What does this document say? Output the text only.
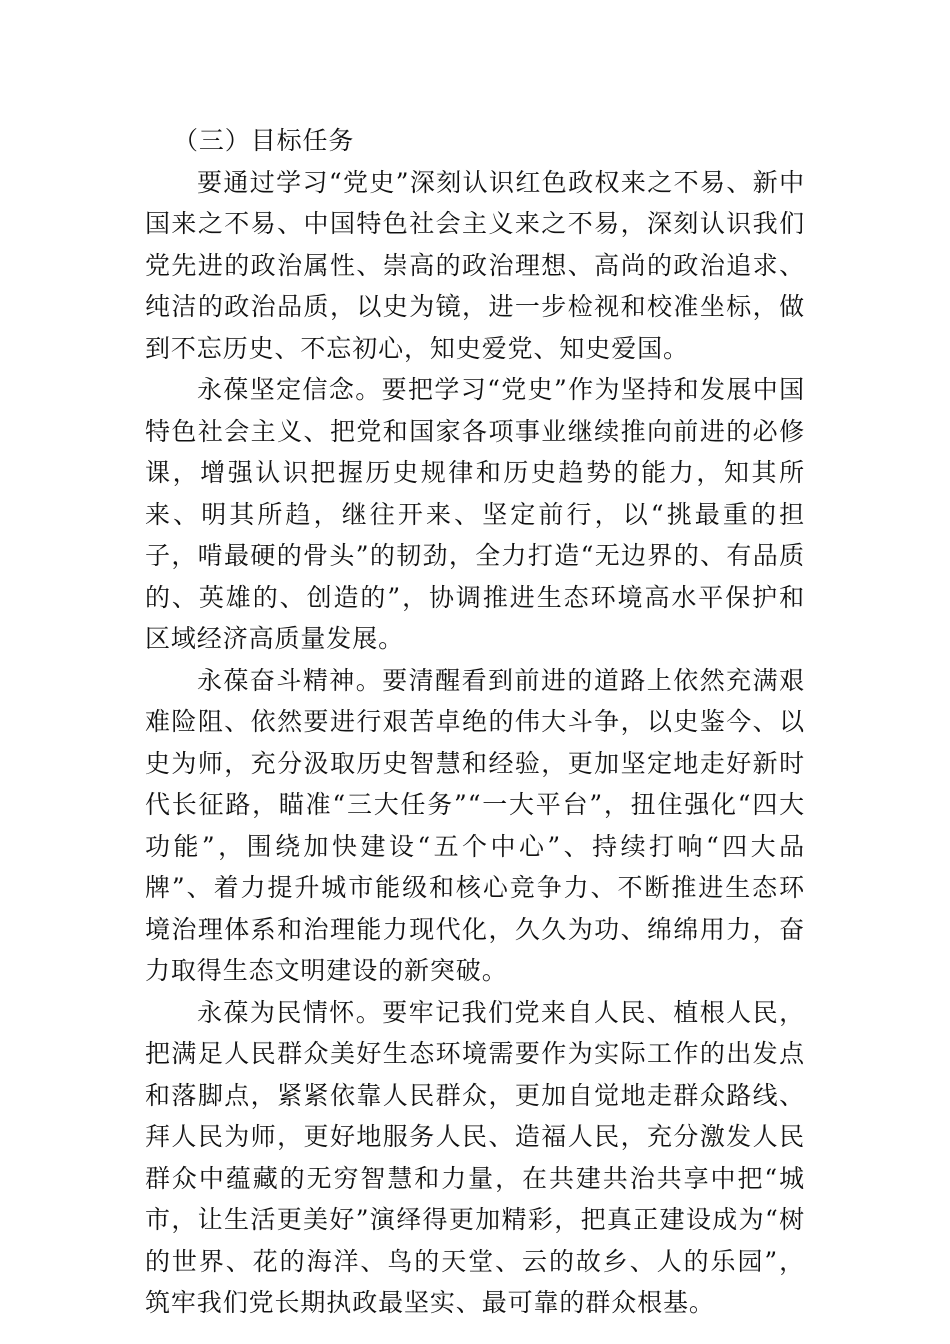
（三）目标任务

要通过学习“党史”深刻认识红色政权来之不易、新中国来之不易、中国特色社会主义来之不易，深刻认识我们党先进的政治属性、崇高的政治理想、高尚的政治追求、纯洁的政治品质，以史为镜，进一步检视和校准坐标，做到不忘历史、不忘初心，知史爱党、知史爱国。

永葆坚定信念。要把学习“党史”作为坚持和发展中国特色社会主义、把党和国家各项事业继续推向前进的必修课，增强认识把握历史规律和历史趋势的能力，知其所来、明其所趋，继往开来、坚定前行，以“挑最重的担子，啃最硬的骨头”的韧劲，全力打造“无边界的、有品质的、英雄的、创造的”，协调推进生态环境高水平保护和区域经济高质量发展。

永葆奋斗精神。要清醒看到前进的道路上依然充满艰难险阻、依然要进行艰苦卓绝的伟大斗争，以史鉴今、以史为师，充分汲取历史智慧和经验，更加坚定地走好新时代长征路，瞄准“三大任务”“一大平台”，扭住强化“四大功能”，围绕加快建设“五个中心”、持续打响“四大品牌”、着力提升城市能级和核心竞争力、不断推进生态环境治理体系和治理能力现代化，久久为功、绵绵用力，奋力取得生态文明建设的新突破。

永葆为民情怀。要牢记我们党来自人民、植根人民，把满足人民群众美好生态环境需要作为实际工作的出发点和落脚点，紧紧依靠人民群众，更加自觉地走群众路线、拜人民为师，更好地服务人民、造福人民，充分激发人民群众中蕴藏的无穷智慧和力量，在共建共治共享中把“城市，让生活更美好”演绎得更加精彩，把真正建设成为“树的世界、花的海洋、鸟的天堂、云的故乡、人的乐园”，筑牢我们党长期执政最坚实、最可靠的群众根基。
